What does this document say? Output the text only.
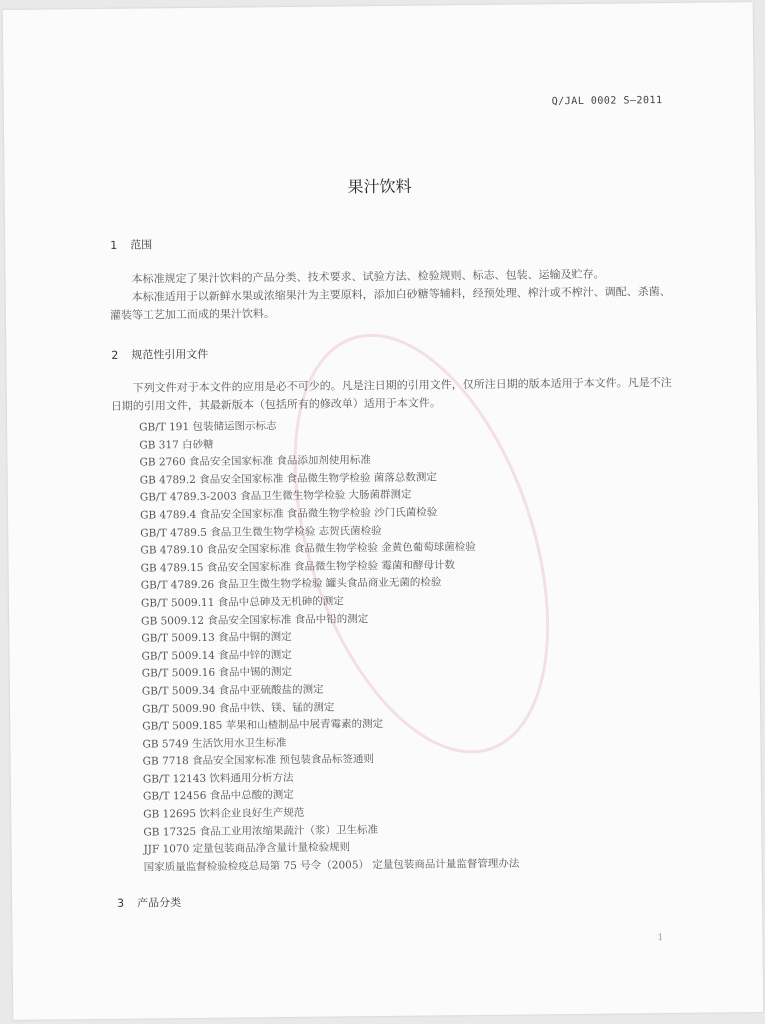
Q/JAL 0002 S—2011
果汁饮料
1 范围

本标准规定了果汁饮料的产品分类、技术要求、试验方法、检验规则、标志、包装、运输及贮存。

本标准适用于以新鲜水果或浓缩果汁为主要原料，添加白砂糖等辅料，经预处理、榨汁或不榨汁、调配、杀菌、灌装等工艺加工而成的果汁饮料。

2 规范性引用文件

下列文件对于本文件的应用是必不可少的。凡是注日期的引用文件，仅所注日期的版本适用于本文件。凡是不注日期的引用文件，其最新版本（包括所有的修改单）适用于本文件。

GB/T 191 包装储运图示标志
GB 317 白砂糖
GB 2760 食品安全国家标准 食品添加剂使用标准
GB 4789.2 食品安全国家标准 食品微生物学检验 菌落总数测定
GB/T 4789.3-2003 食品卫生微生物学检验 大肠菌群测定
GB 4789.4 食品安全国家标准 食品微生物学检验 沙门氏菌检验
GB/T 4789.5 食品卫生微生物学检验 志贺氏菌检验
GB 4789.10 食品安全国家标准 食品微生物学检验 金黄色葡萄球菌检验
GB 4789.15 食品安全国家标准 食品微生物学检验 霉菌和酵母计数
GB/T 4789.26 食品卫生微生物学检验 罐头食品商业无菌的检验
GB/T 5009.11 食品中总砷及无机砷的测定
GB 5009.12 食品安全国家标准 食品中铅的测定
GB/T 5009.13 食品中铜的测定
GB/T 5009.14 食品中锌的测定
GB/T 5009.16 食品中锡的测定
GB/T 5009.34 食品中亚硫酸盐的测定
GB/T 5009.90 食品中铁、镁、锰的测定
GB/T 5009.185 苹果和山楂制品中展青霉素的测定
GB 5749 生活饮用水卫生标准
GB 7718 食品安全国家标准 预包装食品标签通则
GB/T 12143 饮料通用分析方法
GB/T 12456 食品中总酸的测定
GB 12695 饮料企业良好生产规范
GB 17325 食品工业用浓缩果蔬汁（浆）卫生标准
JJF 1070 定量包装商品净含量计量检验规则
国家质量监督检验检疫总局第 75 号令（2005） 定量包装商品计量监督管理办法
3 产品分类
1
